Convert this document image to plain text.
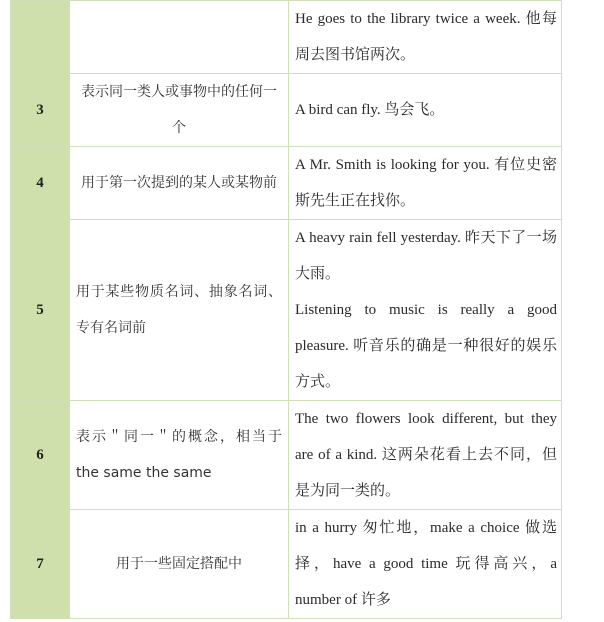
		He goes to the library twice a week. 他每周去图书馆两次。

3	表示同一类人或事物中的任何一个	A bird can fly. 鸟会飞。

4	用于第一次提到的某人或某物前	A Mr. Smith is looking for you. 有位史密斯先生正在找你。

5	用于某些物质名词、抽象名词、专有名词前	A heavy rain fell yesterday. 昨天下了一场大雨。
Listening to music is really a good pleasure. 听音乐的确是一种很好的娱乐方式。

6	表示＂同一＂的概念，相当于 the same the same	The two flowers look different, but they are of a kind. 这两朵花看上去不同，但是为同一类的。

7	用于一些固定搭配中	in a hurry 匆忙地，make a choice 做选择，have a good time 玩得高兴，a number of 许多
